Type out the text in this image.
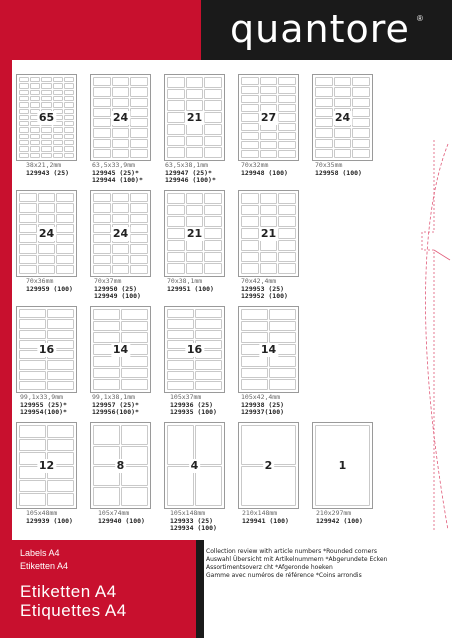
quantore ®
65
38x21,2mm
129943 (25)
24
63,5x33,9mm
129945 (25)*
129944 (100)*
21
63,5x38,1mm
129947 (25)*
129946 (100)*
27
70x32mm
129948 (100)
24
70x35mm
129958 (100)
24
70x36mm
129959 (100)
24
70x37mm
129950 (25)
129949 (100)
21
70x38,1mm
129951 (100)
21
70x42,4mm
129953 (25)
129952 (100)
16
99,1x33,9mm
129955 (25)*
129954(100)*
14
99,1x38,1mm
129957 (25)*
129956(100)*
16
105x37mm
129936 (25)
129935 (100)
14
105x42,4mm
129938 (25)
129937(100)
12
105x48mm
129939 (100)
8
105x74mm
129940 (100)
4
105x148mm
129933 (25)
129934 (100)
2
210x148mm
129941 (100)
1
210x297mm
129942 (100)
Labels A4
Etiketten A4
Etiketten A4
Etiquettes A4
Collection review with article numbers *Rounded corners
Auswahl Übersicht mit Artikelnummern *Abgerundete Ecken
Assortimentsoverz cht *Afgeronde hoeken
Gamme avec numéros de référence *Coins arrondis
